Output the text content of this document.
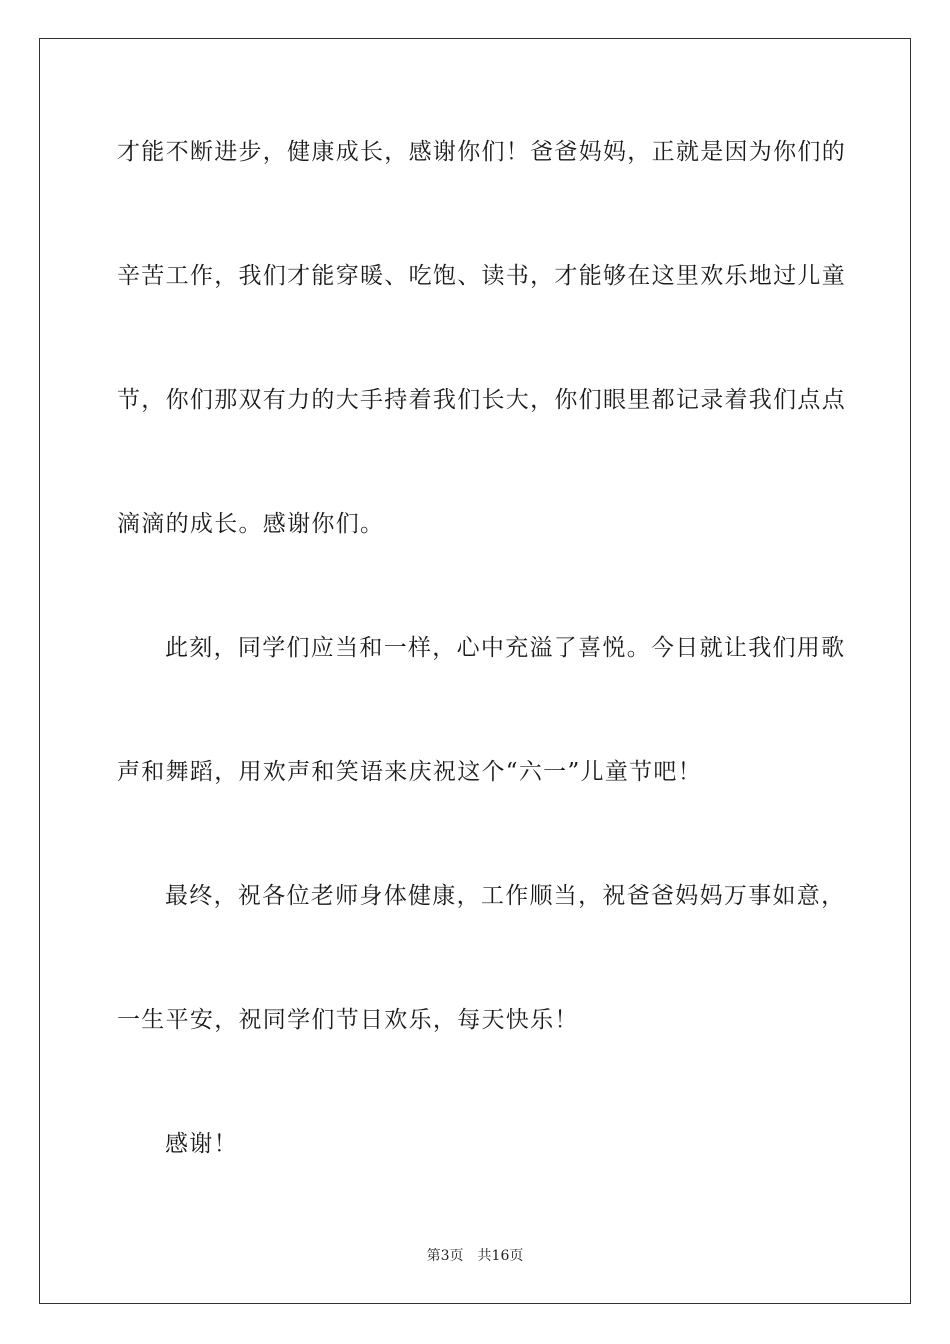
才能不断进步，健康成长，感谢你们！爸爸妈妈，正就是因为你们的
辛苦工作，我们才能穿暖、吃饱、读书，才能够在这里欢乐地过儿童
节，你们那双有力的大手持着我们长大，你们眼里都记录着我们点点
滴滴的成长。感谢你们。
此刻，同学们应当和一样，心中充溢了喜悦。今日就让我们用歌
声和舞蹈，用欢声和笑语来庆祝这个“六一”儿童节吧！
最终，祝各位老师身体健康，工作顺当，祝爸爸妈妈万事如意，
一生平安，祝同学们节日欢乐，每天快乐！
感谢！
第3页 共16页
